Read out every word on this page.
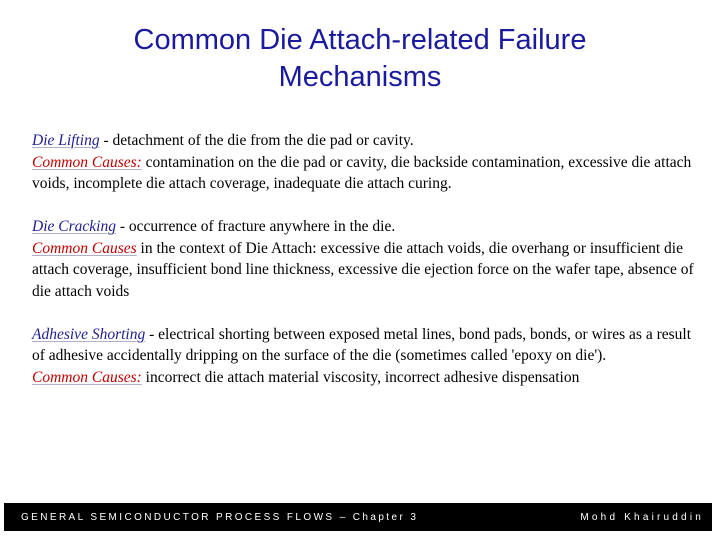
Common Die Attach-related Failure
Mechanisms

Die Lifting - detachment of the die from the die pad or cavity.
Common Causes: contamination on the die pad or cavity, die backside contamination, excessive die attach voids, incomplete die attach coverage, inadequate die attach curing.

Die Cracking - occurrence of fracture anywhere in the die.
Common Causes in the context of Die Attach: excessive die attach voids, die overhang or insufficient die attach coverage, insufficient bond line thickness, excessive die ejection force on the wafer tape, absence of die attach voids

Adhesive Shorting - electrical shorting between exposed metal lines, bond pads, bonds, or wires as a result of adhesive accidentally dripping on the surface of the die (sometimes called 'epoxy on die').
Common Causes: incorrect die attach material viscosity, incorrect adhesive dispensation

GENERAL SEMICONDUCTOR PROCESS FLOWS – Chapter 3	Mohd Khairuddin
